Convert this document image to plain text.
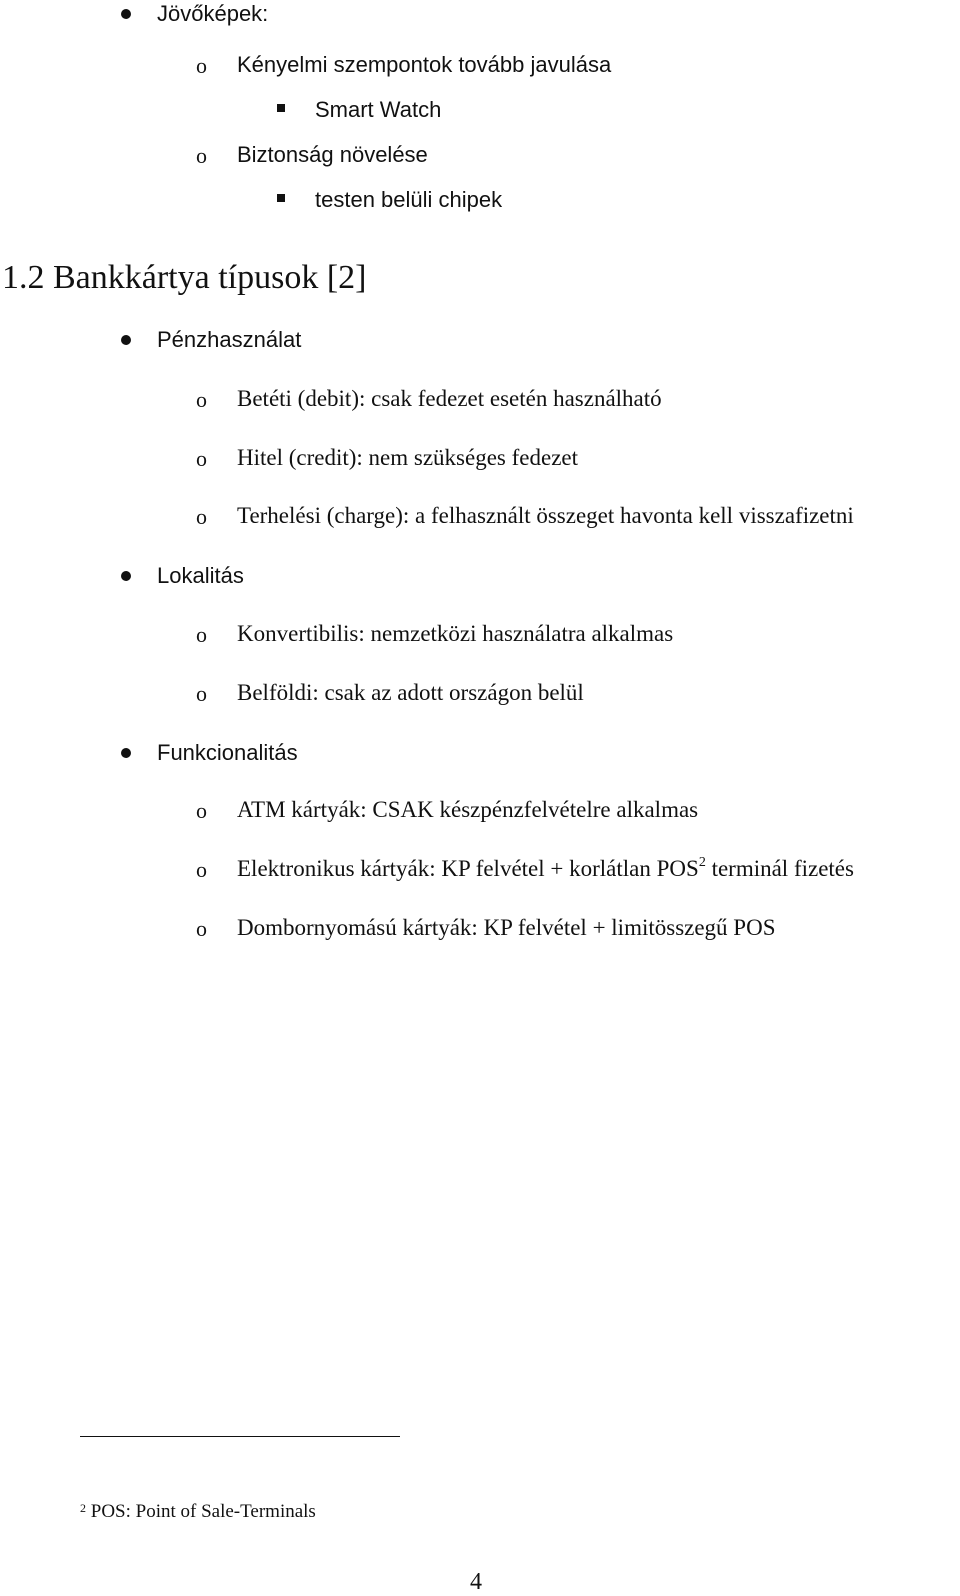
Jövőképek:
o Kényelmi szempontok tovább javulása
Smart Watch
o Biztonság növelése
testen belüli chipek
1.2 Bankkártya típusok [2]
Pénzhasználat
o Betéti (debit): csak fedezet esetén használható
o Hitel (credit): nem szükséges fedezet
o Terhelési (charge): a felhasznált összeget havonta kell visszafizetni
Lokalitás
o Konvertibilis: nemzetközi használatra alkalmas
o Belföldi: csak az adott országon belül
Funkcionalitás
o ATM kártyák: CSAK készpénzfelvételre alkalmas
o Elektronikus kártyák: KP felvétel + korlátlan POS$^2$ terminál fizetés
o Dombornyomású kártyák: KP felvétel + limitösszegű POS
$^2$ POS: Point of Sale-Terminals
4
